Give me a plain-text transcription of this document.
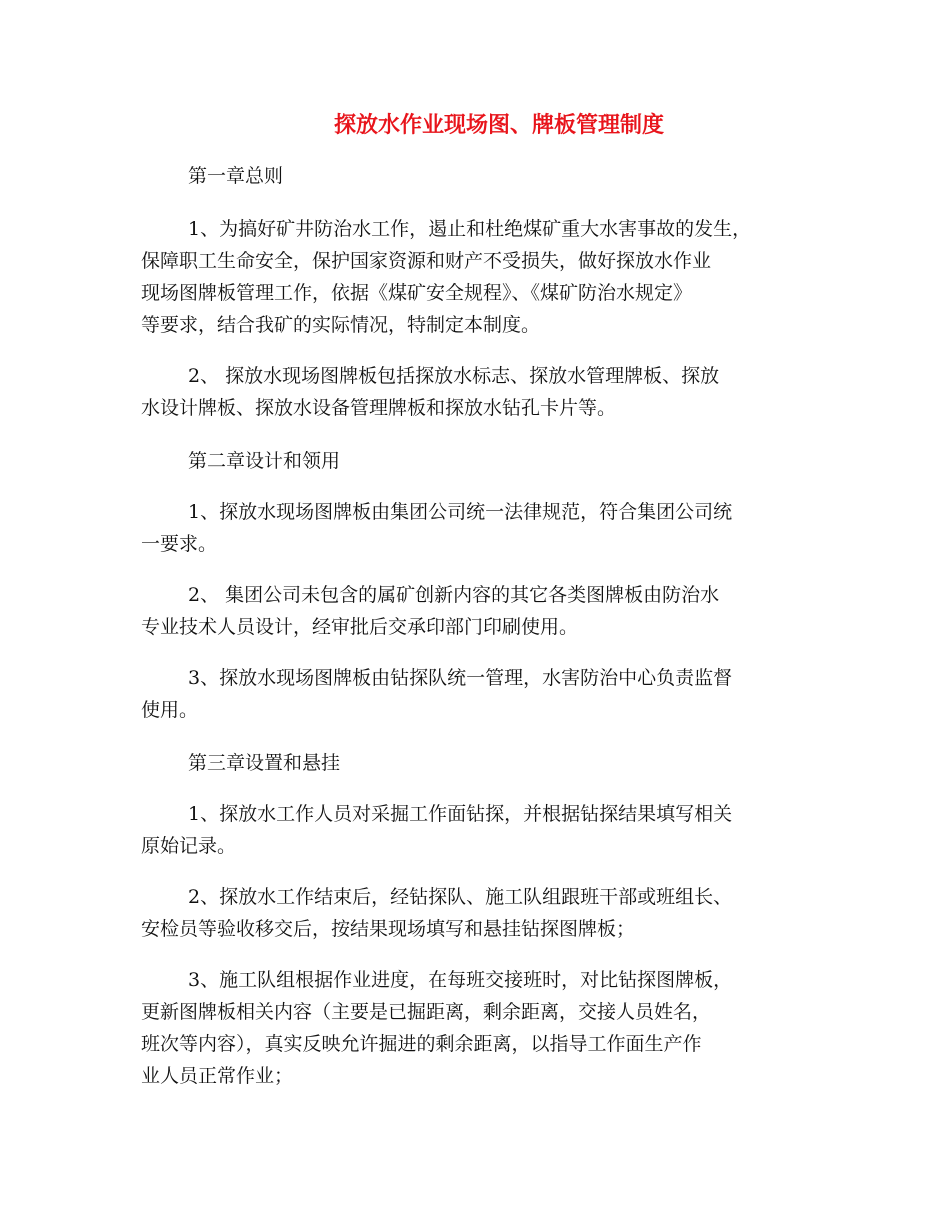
探放水作业现场图、牌板管理制度

第一章总则

1、为搞好矿井防治水工作，遏止和杜绝煤矿重大水害事故的发生，
保障职工生命安全，保护国家资源和财产不受损失，做好探放水作业
现场图牌板管理工作，依据《煤矿安全规程》、《煤矿防治水规定》
等要求，结合我矿的实际情况，特制定本制度。

2、 探放水现场图牌板包括探放水标志、探放水管理牌板、探放
水设计牌板、探放水设备管理牌板和探放水钻孔卡片等。

第二章设计和领用

1、探放水现场图牌板由集团公司统一法律规范，符合集团公司统
一要求。

2、 集团公司未包含的属矿创新内容的其它各类图牌板由防治水
专业技术人员设计，经审批后交承印部门印刷使用。

3、探放水现场图牌板由钻探队统一管理，水害防治中心负责监督
使用。

第三章设置和悬挂

1、探放水工作人员对采掘工作面钻探，并根据钻探结果填写相关
原始记录。

2、探放水工作结束后，经钻探队、施工队组跟班干部或班组长、
安检员等验收移交后，按结果现场填写和悬挂钻探图牌板；

3、施工队组根据作业进度，在每班交接班时，对比钻探图牌板，
更新图牌板相关内容（主要是已掘距离，剩余距离，交接人员姓名，
班次等内容），真实反映允许掘进的剩余距离，以指导工作面生产作
业人员正常作业；
